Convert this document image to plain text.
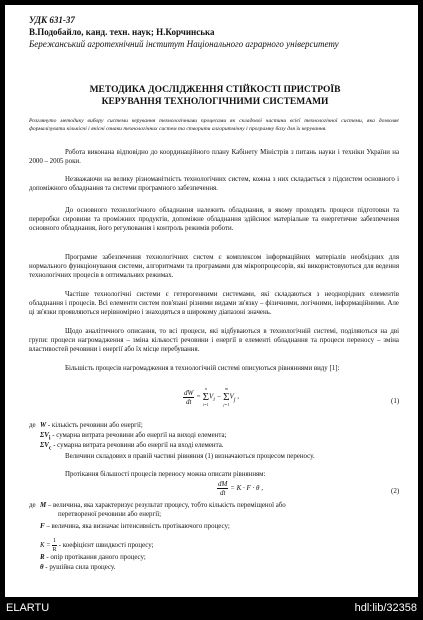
УДК 631-37

В.Подобайло, канд. техн. наук; Н.Корчинська

Бережанський агротехнічний інститут Національного аграрного університету

МЕТОДИКА ДОСЛІДЖЕННЯ СТІЙКОСТІ ПРИСТРОЇВ

КЕРУВАННЯ ТЕХНОЛОГІЧНИМИ СИСТЕМАМИ

Розглянуто методику вибору системи керування технологічними процесами як складової частини всієї технологічної системи, яка дозволяє формалізувати кількісні і якісні ознаки технологічних систем та створити алгоритмічну і програмну базу для їх керування.

Робота виконана відповідно до координаційного плану Кабінету Міністрів з питань науки і техніки України на 2000 – 2005 роки.

Незважаючи на велику різноманітність технологічних систем, кожна з них складається з підсистем основного і допоміжного обладнання та системи програмного забезпечення.

До основного технологічного обладнання належить обладнання, в якому проходять процеси підготовки та переробки сировини та проміжних продуктів, допоміжне обладнання здійснює матеріальне та енергетичне забезпечення основного обладнання, його регулювання і контроль режимів роботи.

Програмне забезпечення технологічних систем є комплексом інформаційних матеріалів необхідних для нормального функціонування системи, алгоритмами та програмами для мікропроцесорів, які використовуються для ведення технологічних процесів в оптимальних режимах.

Частіше технологічні системи є гетерогенними системами, які складаються з неоднорідних елементів обладнання і процесів. Всі елементи систем пов'язані різними видами зв'язку – фізичними, логічними, інформаційними. Але ці зв'язки проявляються нерівномірно і знаходяться в широкому діапазоні значень.

Щодо аналітичного описання, то всі процеси, які відбуваються в технологічній системі, поділяються на дві групи: процеси нагромадження – зміна кількості речовини і енергії в елементі обладнання та процеси переносу – зміна властивостей речовини і енергії або їх місце перебування.

Більшість процесів нагромадження в технологічній системі описуються рівняннями виду [1]:

$\frac{dW}{dt}$ =
n
Σ
i=1
$V_i$ −
m
Σ
j=1
$V_j$ ,
(1)
де W - кількість речовини або енергії;
$\Sigma V_i$ - сумарна витрата речовини або енергії на виході елемента;
$\Sigma V_c$ - сумарна витрата речовини або енергії на вході елемента.

Величини складових в правій частині рівняння (1) визначаються процесом переносу.

Протікання більшості процесів переносу можна описати рівнянням:

$\frac{dM}{dt} = K \cdot F \cdot \theta$ ,	(2)
де M – величина, яка характеризує результат процесу, тобто кількість переміщеної або
перетвореної речовини або енергії;
F – величина, яка визначає інтенсивність протікаючого процесу;
$K = \frac{1}{R}$ - коефіцієнт швидкості процесу;
R - опір протікання даного процесу;
θ - рушійна сила процесу.
ELARTU	hdl:lib/32358
